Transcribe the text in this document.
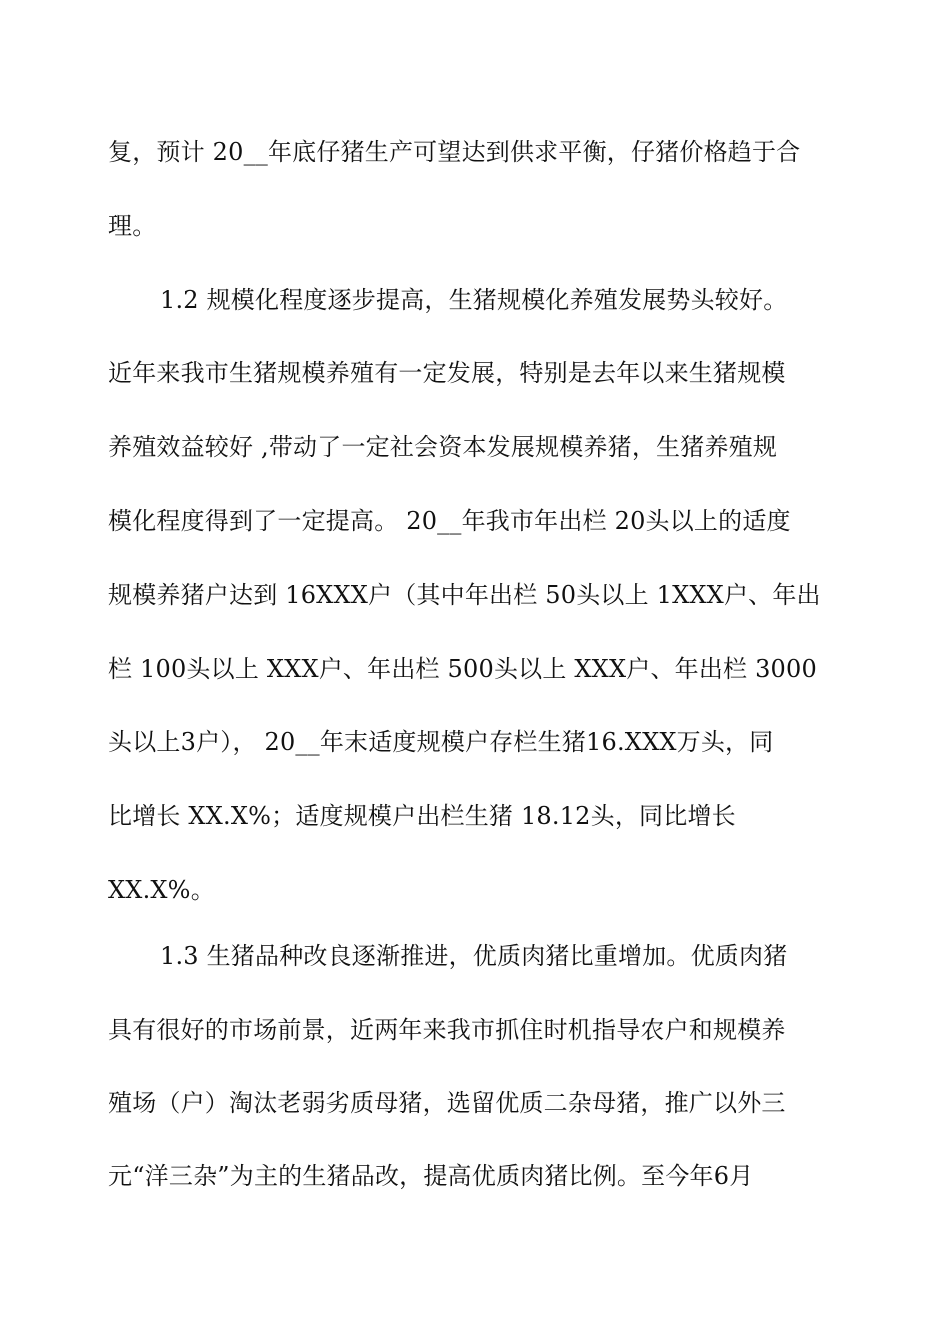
复，预计 20__年底仔猪生产可望达到供求平衡，仔猪价格趋于合
理。
1.2 规模化程度逐步提高，生猪规模化养殖发展势头较好。
近年来我市生猪规模养殖有一定发展，特别是去年以来生猪规模
养殖效益较好 ,带动了一定社会资本发展规模养猪，生猪养殖规
模化程度得到了一定提高。 20__年我市年出栏 20头以上的适度
规模养猪户达到 16XXX户（其中年出栏 50头以上 1XXX户、年出
栏 100头以上 XXX户、年出栏 500头以上 XXX户、年出栏 3000
头以上3户）， 20__年末适度规模户存栏生猪16.XXX万头，同
比增长 XX.X%；适度规模户出栏生猪 18.12头，同比增长
XX.X%。
1.3 生猪品种改良逐渐推进，优质肉猪比重增加。优质肉猪
具有很好的市场前景，近两年来我市抓住时机指导农户和规模养
殖场（户）淘汰老弱劣质母猪，选留优质二杂母猪，推广以外三
元“洋三杂”为主的生猪品改，提高优质肉猪比例。至今年6月
